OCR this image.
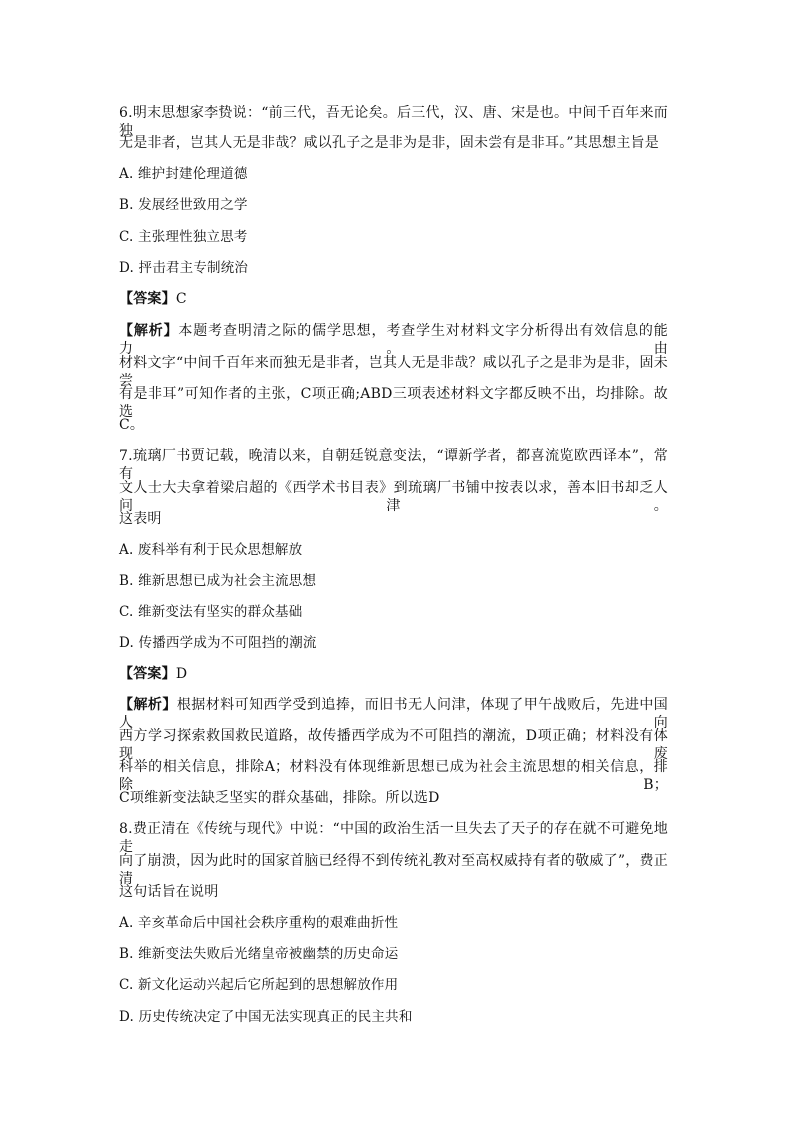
6.明末思想家李贽说：“前三代，吾无论矣。后三代，汉、唐、宋是也。中间千百年来而独
无是非者，岂其人无是非哉？咸以孔子之是非为是非，固未尝有是非耳。”其思想主旨是
A. 维护封建伦理道德
B. 发展经世致用之学
C. 主张理性独立思考
D. 抨击君主专制统治
【答案】C
【解析】本题考查明清之际的儒学思想，考查学生对材料文字分析得出有效信息的能力。由
材料文字“中间千百年来而独无是非者，岂其人无是非哉？咸以孔子之是非为是非，固未尝
有是非耳”可知作者的主张，C项正确;ABD三项表述材料文字都反映不出，均排除。故选
C。
7.琉璃厂书贾记载，晚清以来，自朝廷锐意变法，“谭新学者，都喜流览欧西译本”，常有
文人士大夫拿着梁启超的《西学术书目表》到琉璃厂书铺中按表以求，善本旧书却乏人问津。
这表明
A. 废科举有利于民众思想解放
B. 维新思想已成为社会主流思想
C. 维新变法有坚实的群众基础
D. 传播西学成为不可阻挡的潮流
【答案】D
【解析】根据材料可知西学受到追捧，而旧书无人问津，体现了甲午战败后，先进中国人向
西方学习探索救国救民道路，故传播西学成为不可阻挡的潮流，D项正确；材料没有体现废
科举的相关信息，排除A；材料没有体现维新思想已成为社会主流思想的相关信息，排除B；
C项维新变法缺乏坚实的群众基础，排除。所以选D
8.费正清在《传统与现代》中说：“中国的政治生活一旦失去了天子的存在就不可避免地走
向了崩溃，因为此时的国家首脑已经得不到传统礼教对至高权威持有者的敬威了”，费正清
这句话旨在说明
A. 辛亥革命后中国社会秩序重构的艰难曲折性
B. 维新变法失败后光绪皇帝被幽禁的历史命运
C. 新文化运动兴起后它所起到的思想解放作用
D. 历史传统决定了中国无法实现真正的民主共和
